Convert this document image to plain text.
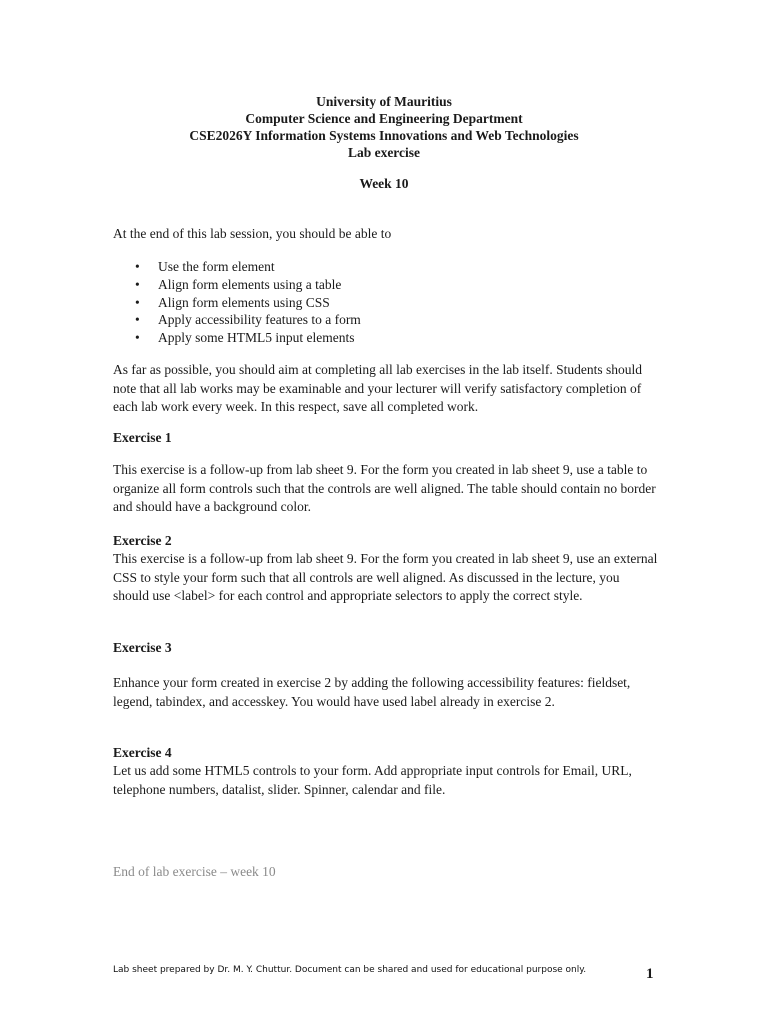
University of Mauritius
Computer Science and Engineering Department
CSE2026Y Information Systems Innovations and Web Technologies
Lab exercise
Week 10
At the end of this lab session, you should be able to
• Use the form element
• Align form elements using a table
• Align form elements using CSS
• Apply accessibility features to a form
• Apply some HTML5 input elements
As far as possible, you should aim at completing all lab exercises in the lab itself. Students should note that all lab works may be examinable and your lecturer will verify satisfactory completion of each lab work every week. In this respect, save all completed work.
Exercise 1
This exercise is a follow-up from lab sheet 9. For the form you created in lab sheet 9, use a table to organize all form controls such that the controls are well aligned. The table should contain no border and should have a background color.
Exercise 2
This exercise is a follow-up from lab sheet 9. For the form you created in lab sheet 9, use an external CSS to style your form such that all controls are well aligned. As discussed in the lecture, you should use <label> for each control and appropriate selectors to apply the correct style.
Exercise 3
Enhance your form created in exercise 2 by adding the following accessibility features: fieldset, legend, tabindex, and accesskey. You would have used label already in exercise 2.
Exercise 4
Let us add some HTML5 controls to your form. Add appropriate input controls for Email, URL, telephone numbers, datalist, slider. Spinner, calendar and file.
End of lab exercise – week 10
Lab sheet prepared by Dr. M. Y. Chuttur. Document can be shared and used for educational purpose only.	1
